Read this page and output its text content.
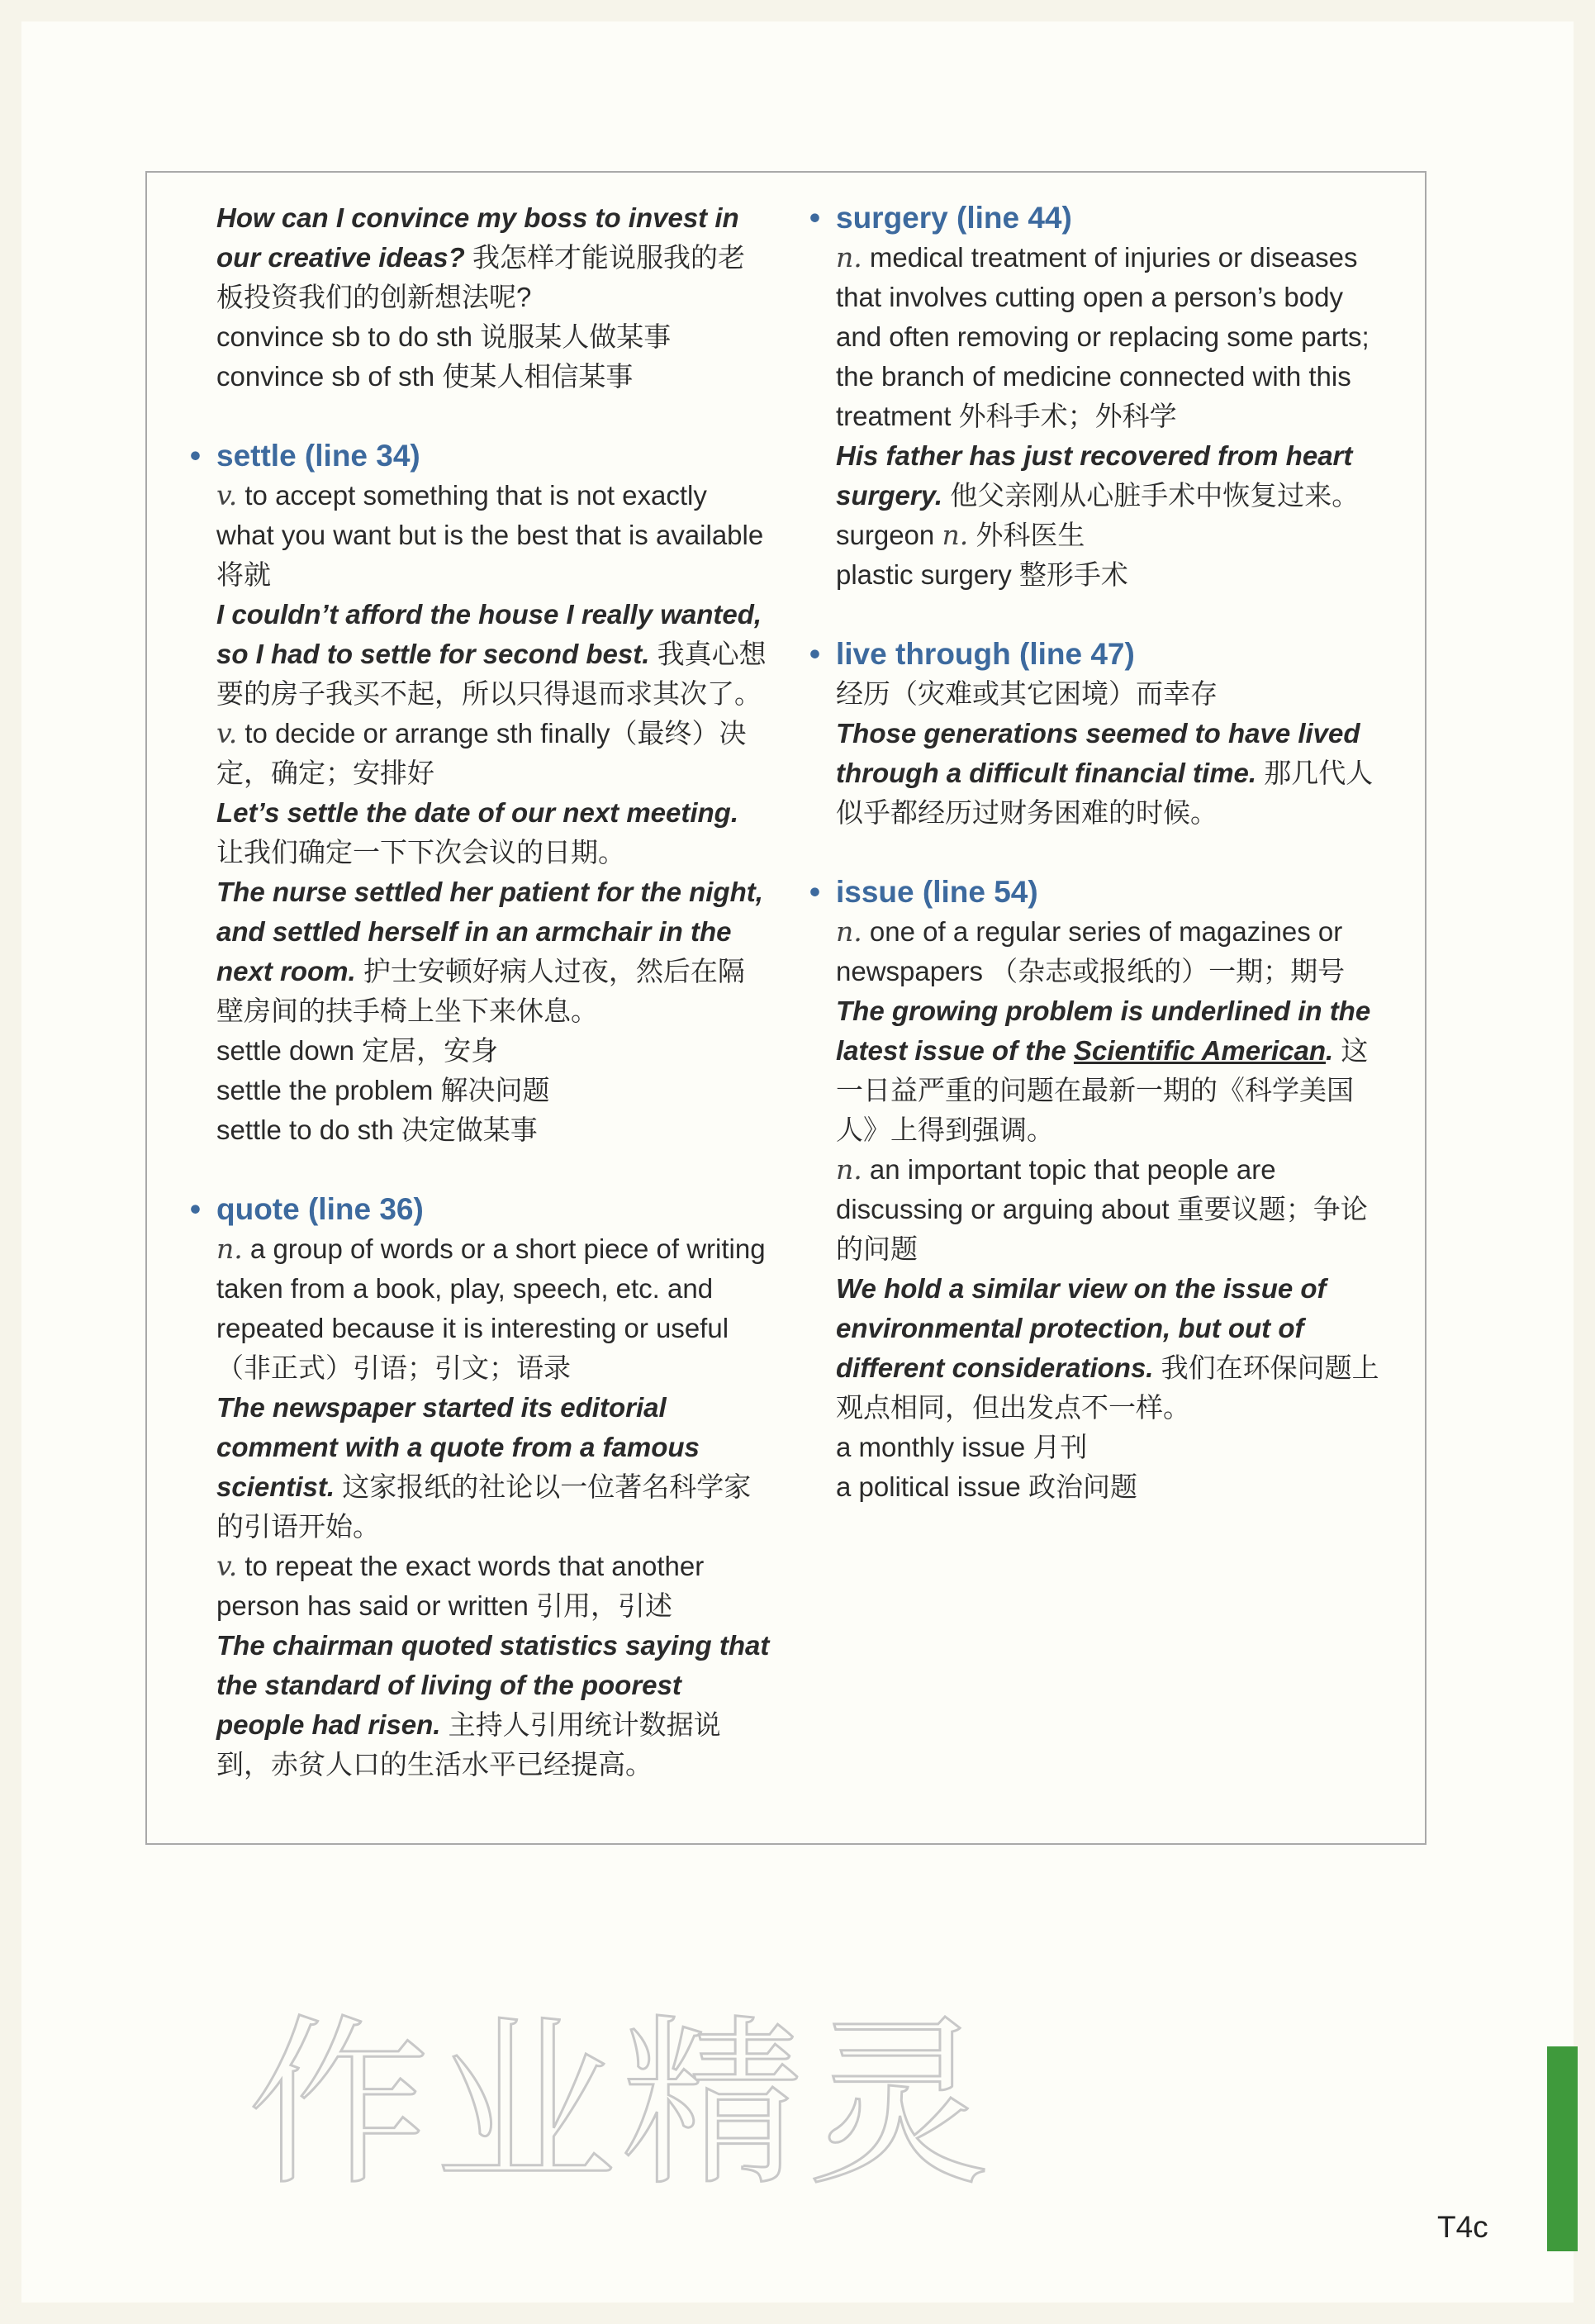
How can I convince my boss to invest in our creative ideas? 我怎样才能说服我的老板投资我们的创新想法呢?

convince sb to do sth 说服某人做某事

convince sb of sth 使某人相信某事

• settle (line 34)

v. to accept something that is not exactly what you want but is the best that is available 将就

I couldn’t afford the house I really wanted, so I had to settle for second best. 我真心想要的房子我买不起，所以只得退而求其次了。

v. to decide or arrange sth finally（最终）决定，确定；安排好

Let’s settle the date of our next meeting. 让我们确定一下下次会议的日期。

The nurse settled her patient for the night, and settled herself in an armchair in the next room. 护士安顿好病人过夜，然后在隔壁房间的扶手椅上坐下来休息。

settle down 定居，安身

settle the problem 解决问题

settle to do sth 决定做某事

• quote (line 36)

n. a group of words or a short piece of writing taken from a book, play, speech, etc. and repeated because it is interesting or useful（非正式）引语；引文；语录

The newspaper started its editorial comment with a quote from a famous scientist. 这家报纸的社论以一位著名科学家的引语开始。

v. to repeat the exact words that another person has said or written 引用，引述

The chairman quoted statistics saying that the standard of living of the poorest people had risen. 主持人引用统计数据说到，赤贫人口的生活水平已经提高。

• surgery (line 44)

n. medical treatment of injuries or diseases that involves cutting open a person’s body and often removing or replacing some parts; the branch of medicine connected with this treatment 外科手术；外科学

His father has just recovered from heart surgery. 他父亲刚从心脏手术中恢复过来。

surgeon n. 外科医生

plastic surgery 整形手术

• live through (line 47)

经历（灾难或其它困境）而幸存

Those generations seemed to have lived through a difficult financial time. 那几代人似乎都经历过财务困难的时候。

• issue (line 54)

n. one of a regular series of magazines or newspapers （杂志或报纸的）一期；期号

The growing problem is underlined in the latest issue of the Scientific American. 这一日益严重的问题在最新一期的《科学美国人》上得到强调。

n. an important topic that people are discussing or arguing about 重要议题；争论的问题

We hold a similar view on the issue of environmental protection, but out of different considerations. 我们在环保问题上观点相同，但出发点不一样。

a monthly issue 月刊

a political issue 政治问题

作业精灵
T4c
